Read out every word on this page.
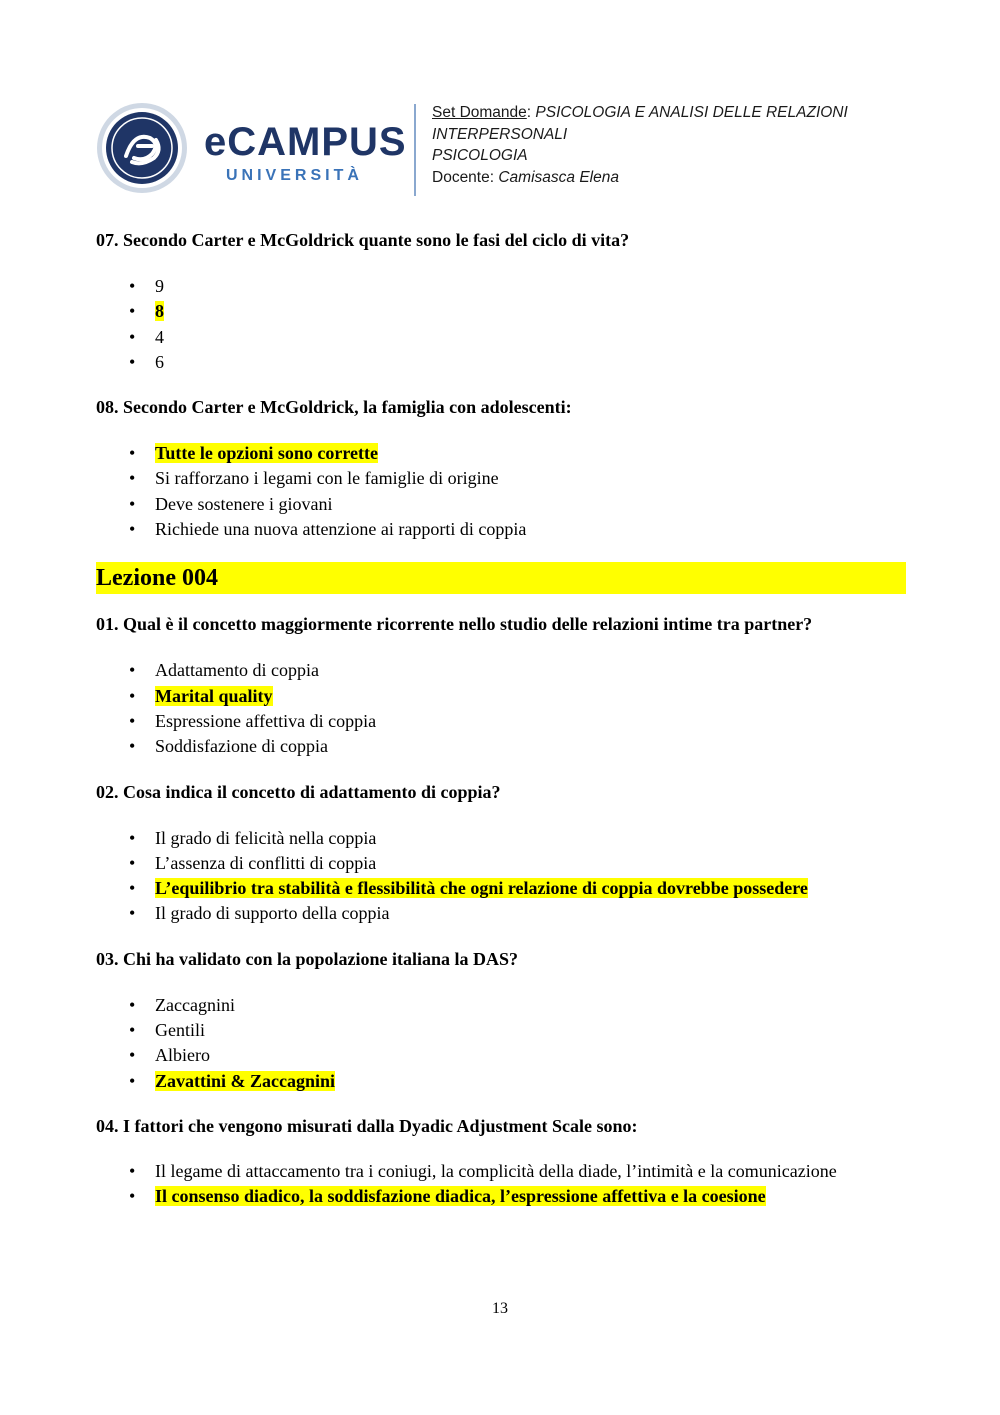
eCAMPUS
UNIVERSITÀ
Set Domande: PSICOLOGIA E ANALISI DELLE RELAZIONI INTERPERSONALI
PSICOLOGIA
Docente: Camisasca Elena
07. Secondo Carter e McGoldrick quante sono le fasi del ciclo di vita?
• 9
• 8
• 4
• 6
08. Secondo Carter e McGoldrick, la famiglia con adolescenti:
• Tutte le opzioni sono corrette
• Si rafforzano i legami con le famiglie di origine
• Deve sostenere i giovani
• Richiede una nuova attenzione ai rapporti di coppia
Lezione 004
01. Qual è il concetto maggiormente ricorrente nello studio delle relazioni intime tra partner?
• Adattamento di coppia
• Marital quality
• Espressione affettiva di coppia
• Soddisfazione di coppia
02. Cosa indica il concetto di adattamento di coppia?
• Il grado di felicità nella coppia
• L’assenza di conflitti di coppia
• L’equilibrio tra stabilità e flessibilità che ogni relazione di coppia dovrebbe possedere
• Il grado di supporto della coppia
03. Chi ha validato con la popolazione italiana la DAS?
• Zaccagnini
• Gentili
• Albiero
• Zavattini & Zaccagnini
04. I fattori che vengono misurati dalla Dyadic Adjustment Scale sono:
• Il legame di attaccamento tra i coniugi, la complicità della diade, l’intimità e la comunicazione
• Il consenso diadico, la soddisfazione diadica, l’espressione affettiva e la coesione
13
